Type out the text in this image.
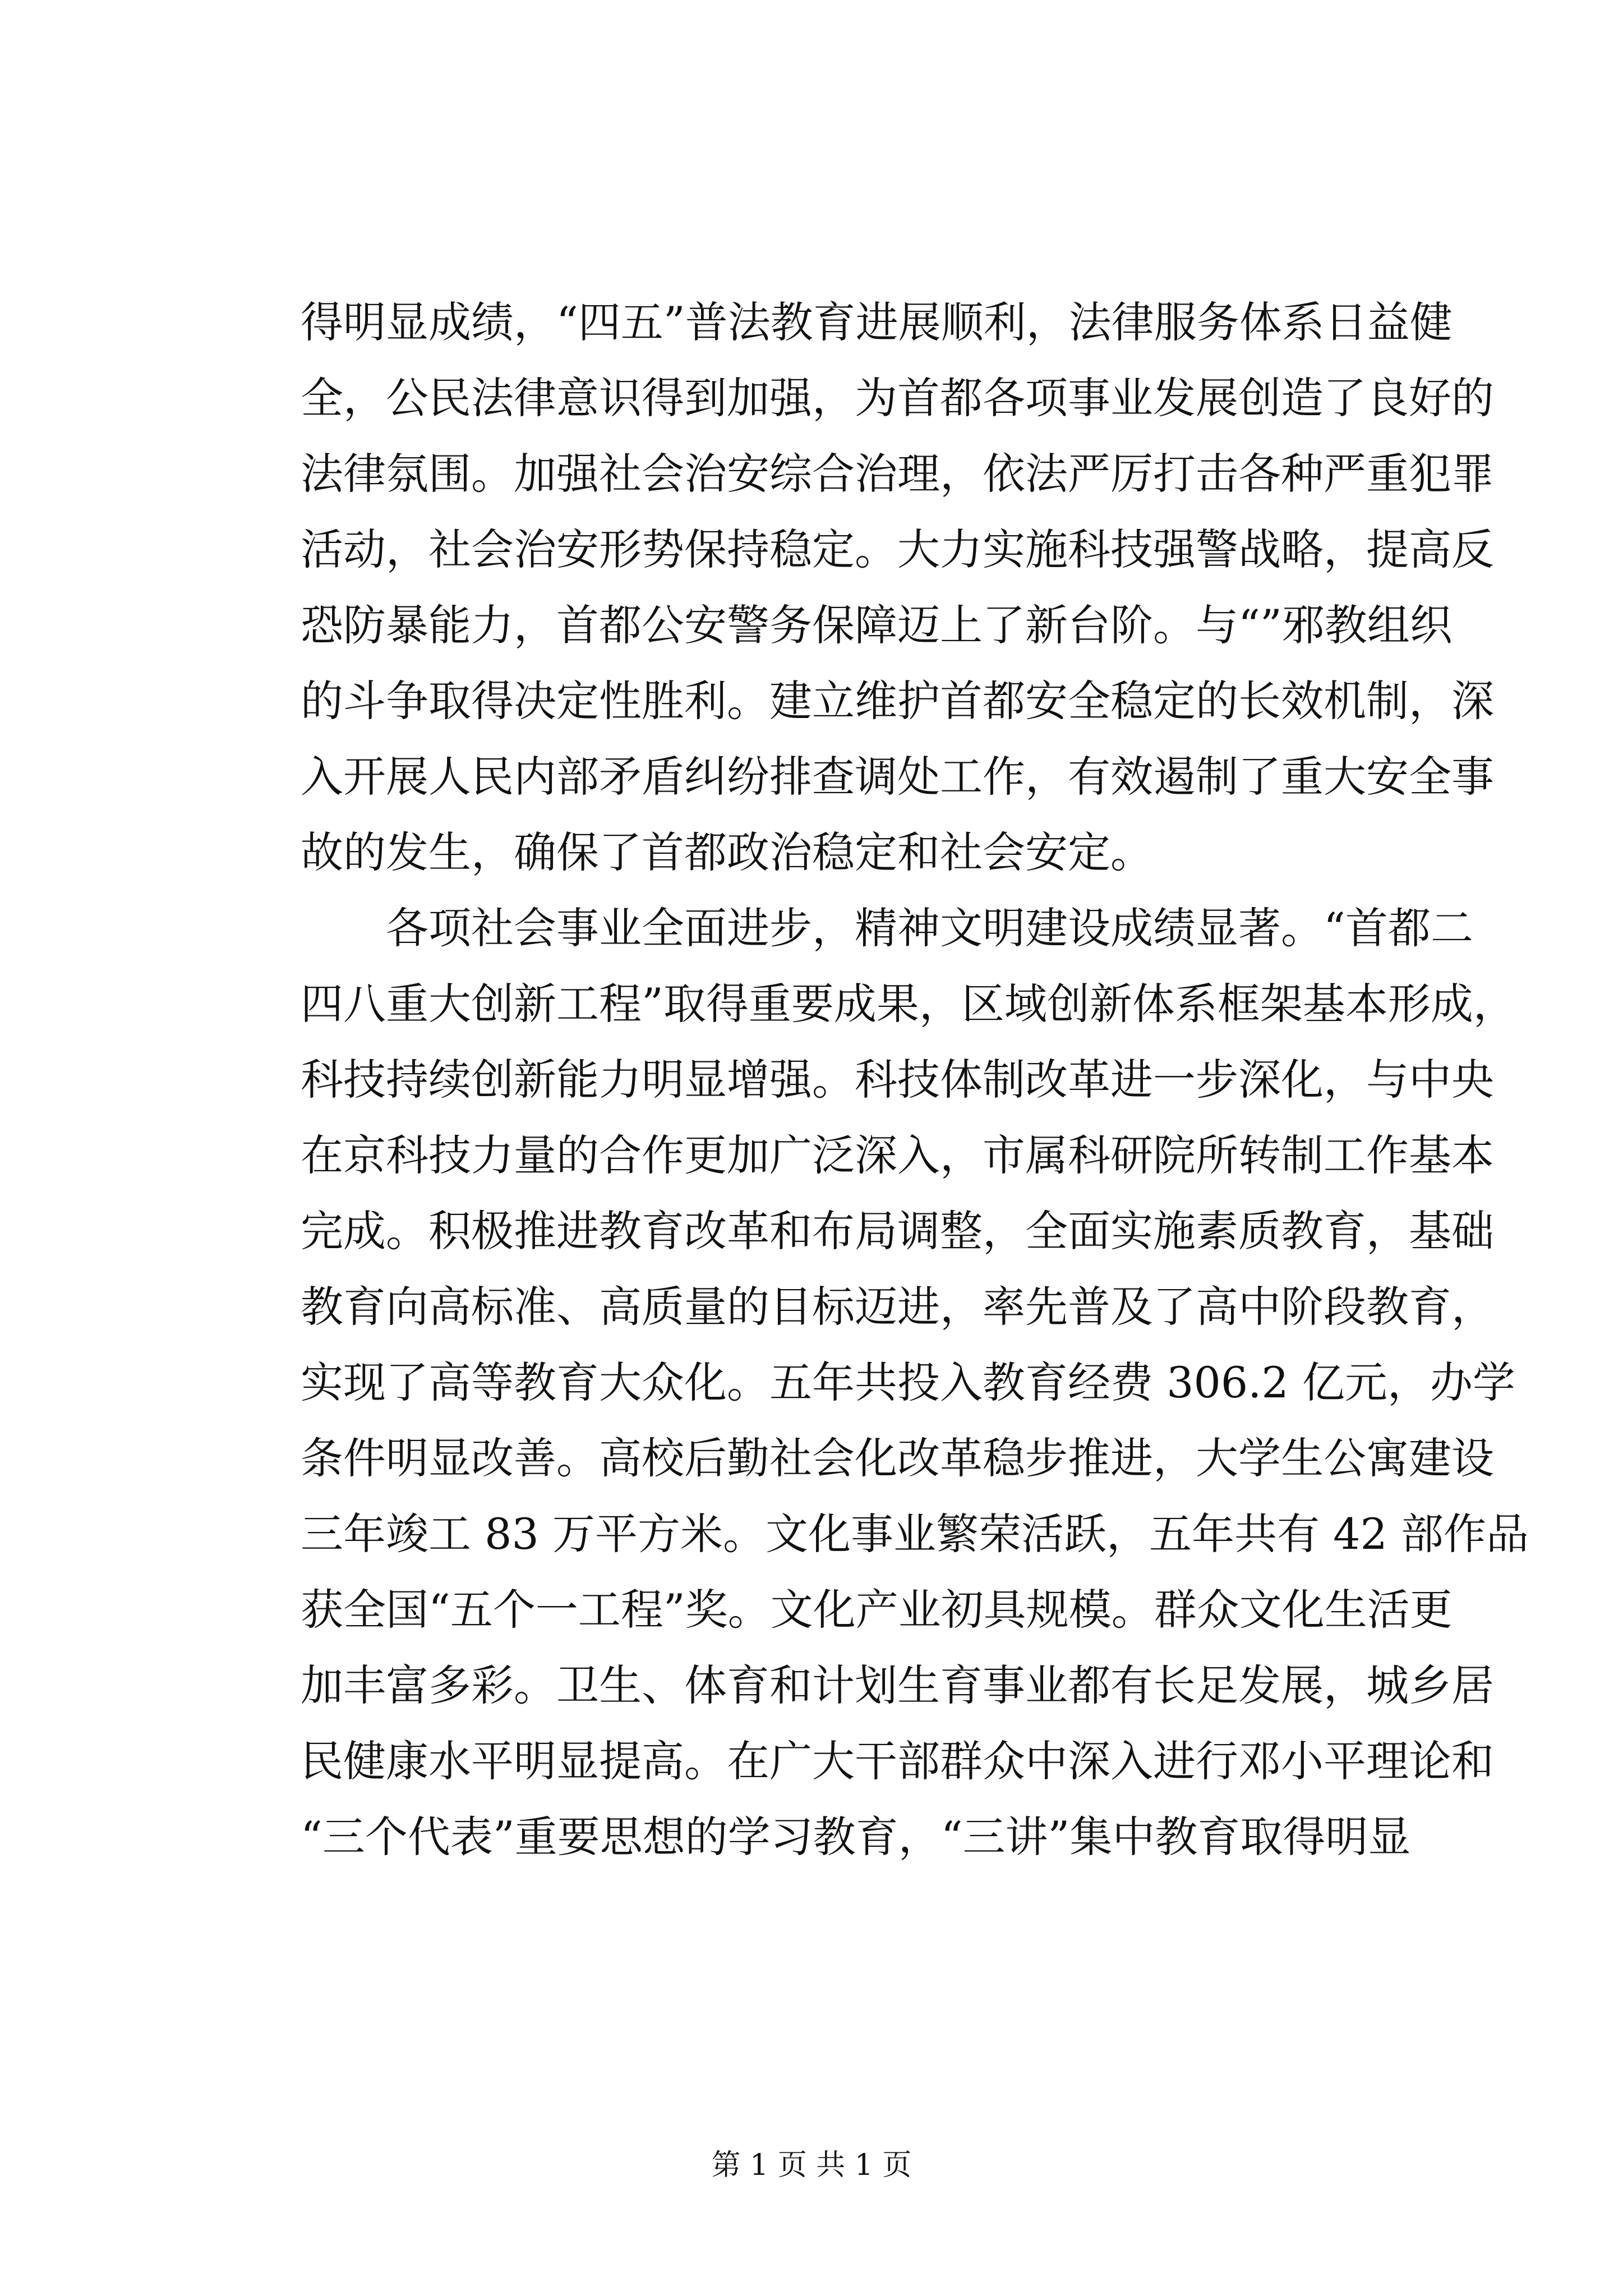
得明显成绩，“四五”普法教育进展顺利，法律服务体系日益健
全，公民法律意识得到加强，为首都各项事业发展创造了良好的
法律氛围。加强社会治安综合治理，依法严厉打击各种严重犯罪
活动，社会治安形势保持稳定。大力实施科技强警战略，提高反
恐防暴能力，首都公安警务保障迈上了新台阶。与“”邪教组织
的斗争取得决定性胜利。建立维护首都安全稳定的长效机制，深
入开展人民内部矛盾纠纷排查调处工作，有效遏制了重大安全事
故的发生，确保了首都政治稳定和社会安定。
各项社会事业全面进步，精神文明建设成绩显著。“首都二
四八重大创新工程”取得重要成果，区域创新体系框架基本形成，
科技持续创新能力明显增强。科技体制改革进一步深化，与中央
在京科技力量的合作更加广泛深入，市属科研院所转制工作基本
完成。积极推进教育改革和布局调整，全面实施素质教育，基础
教育向高标准、高质量的目标迈进，率先普及了高中阶段教育，
实现了高等教育大众化。五年共投入教育经费 306.2 亿元，办学
条件明显改善。高校后勤社会化改革稳步推进，大学生公寓建设
三年竣工 83 万平方米。文化事业繁荣活跃，五年共有 42 部作品
获全国“五个一工程”奖。文化产业初具规模。群众文化生活更
加丰富多彩。卫生、体育和计划生育事业都有长足发展，城乡居
民健康水平明显提高。在广大干部群众中深入进行邓小平理论和
“三个代表”重要思想的学习教育，“三讲”集中教育取得明显
第 1 页 共 1 页
